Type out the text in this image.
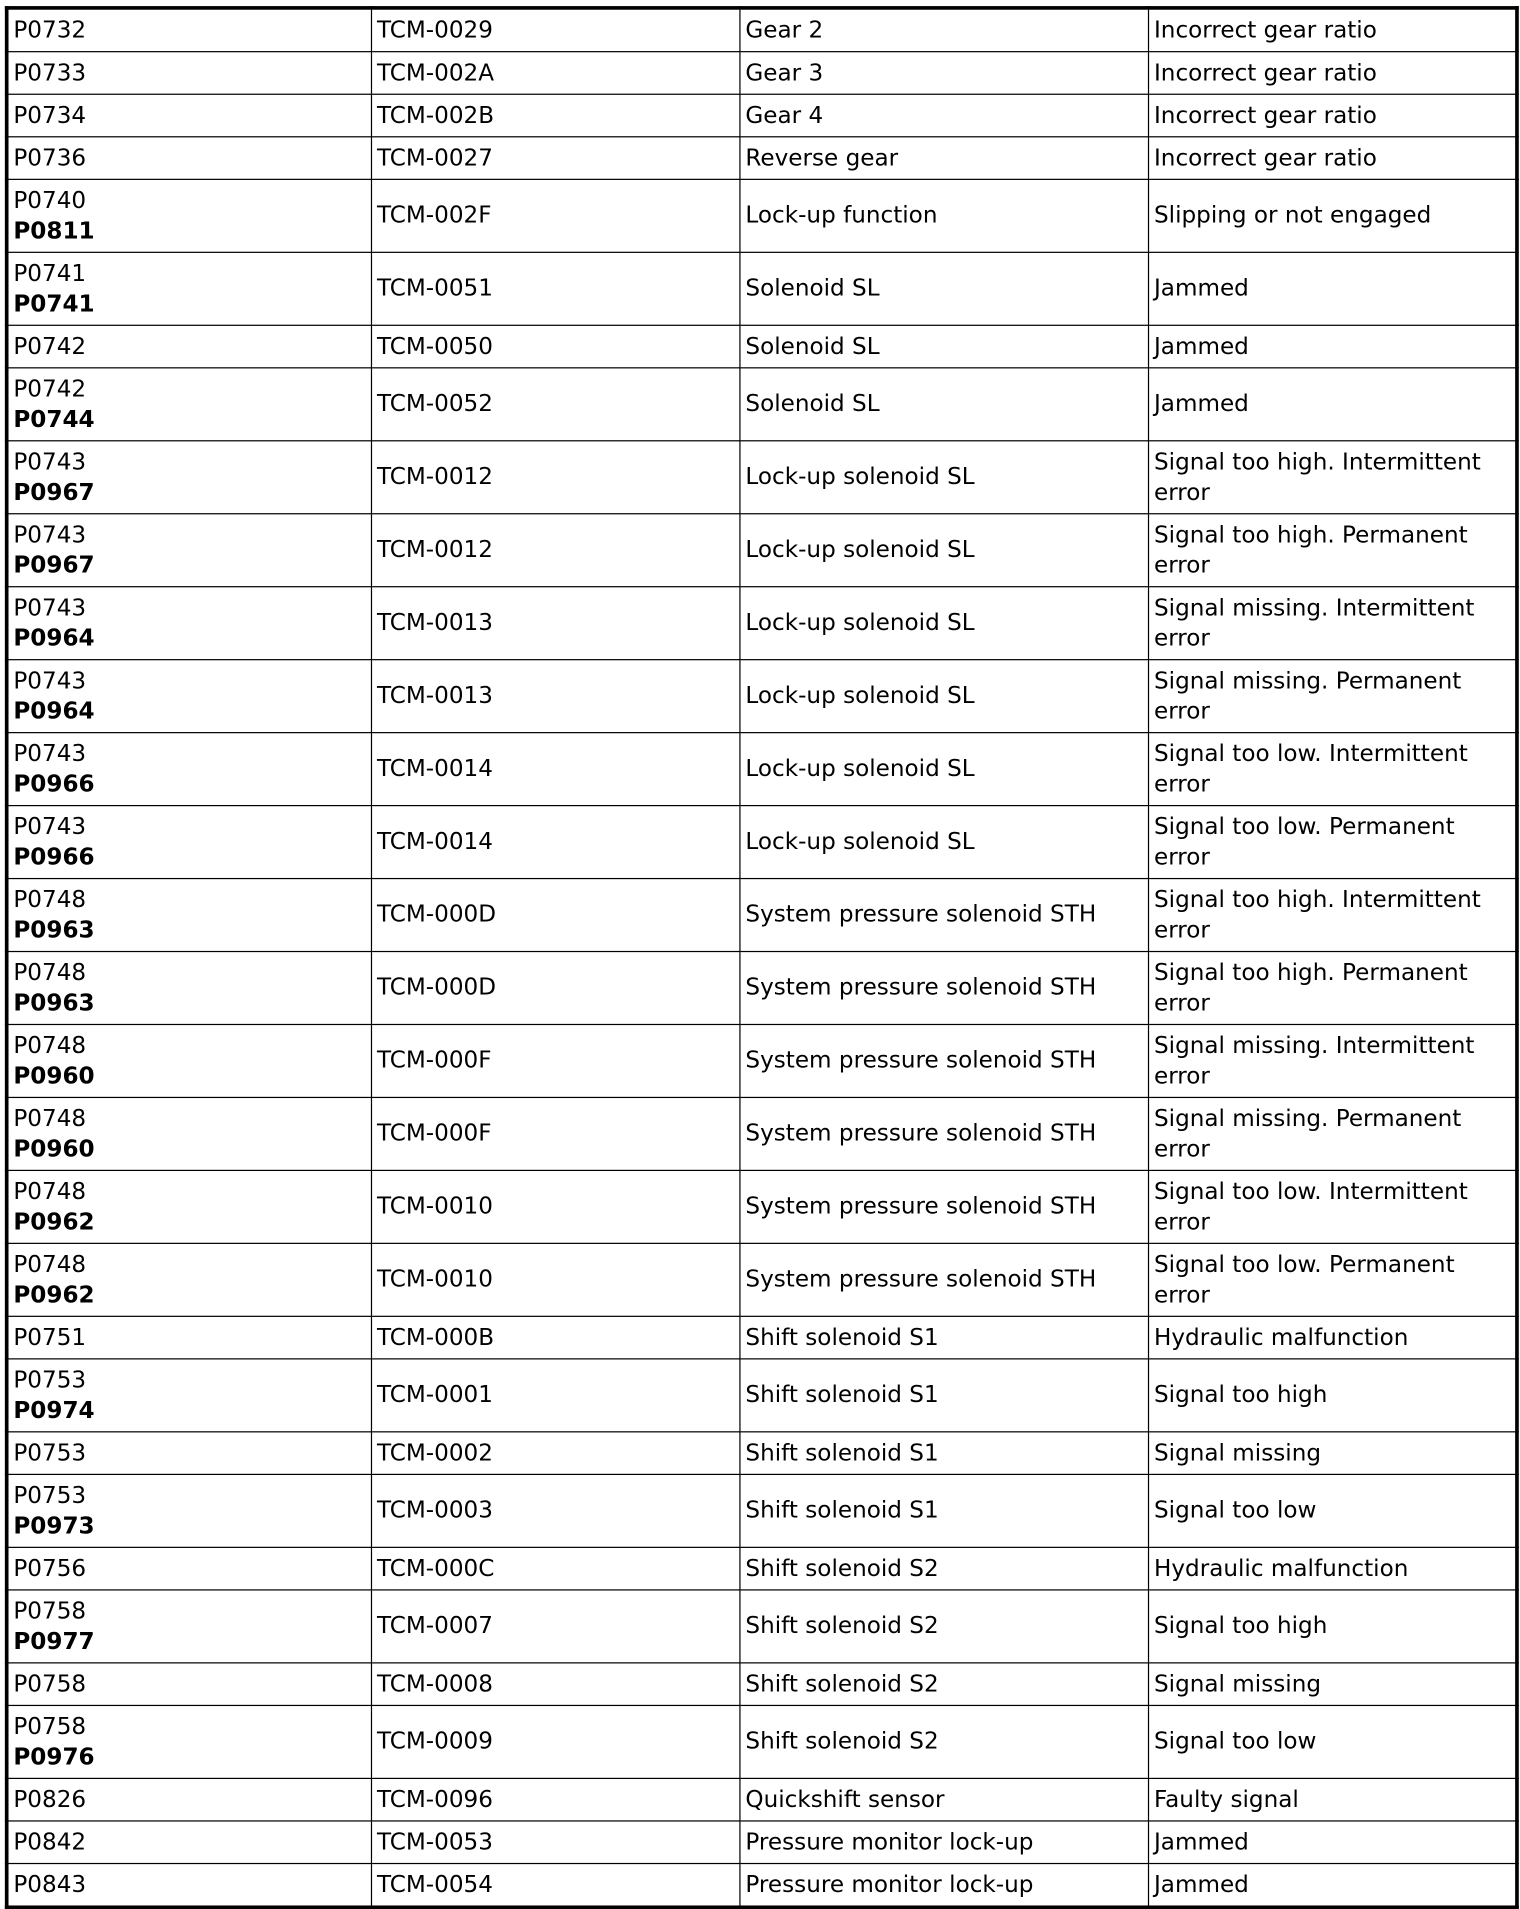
P0732	TCM-0029	Gear 2	Incorrect gear ratio

P0733	TCM-002A	Gear 3	Incorrect gear ratio

P0734	TCM-002B	Gear 4	Incorrect gear ratio

P0736	TCM-0027	Reverse gear	Incorrect gear ratio

P0740
P0811	TCM-002F	Lock-up function	Slipping or not engaged

P0741
P0741	TCM-0051	Solenoid SL	Jammed

P0742	TCM-0050	Solenoid SL	Jammed

P0742
P0744	TCM-0052	Solenoid SL	Jammed

P0743
P0967	TCM-0012	Lock-up solenoid SL	Signal too high. Intermittent error

P0743
P0967	TCM-0012	Lock-up solenoid SL	Signal too high. Permanent error

P0743
P0964	TCM-0013	Lock-up solenoid SL	Signal missing. Intermittent error

P0743
P0964	TCM-0013	Lock-up solenoid SL	Signal missing. Permanent error

P0743
P0966	TCM-0014	Lock-up solenoid SL	Signal too low. Intermittent error

P0743
P0966	TCM-0014	Lock-up solenoid SL	Signal too low. Permanent error

P0748
P0963	TCM-000D	System pressure solenoid STH	Signal too high. Intermittent error

P0748
P0963	TCM-000D	System pressure solenoid STH	Signal too high. Permanent error

P0748
P0960	TCM-000F	System pressure solenoid STH	Signal missing. Intermittent error

P0748
P0960	TCM-000F	System pressure solenoid STH	Signal missing. Permanent error

P0748
P0962	TCM-0010	System pressure solenoid STH	Signal too low. Intermittent error

P0748
P0962	TCM-0010	System pressure solenoid STH	Signal too low. Permanent error

P0751	TCM-000B	Shift solenoid S1	Hydraulic malfunction

P0753
P0974	TCM-0001	Shift solenoid S1	Signal too high

P0753	TCM-0002	Shift solenoid S1	Signal missing

P0753
P0973	TCM-0003	Shift solenoid S1	Signal too low

P0756	TCM-000C	Shift solenoid S2	Hydraulic malfunction

P0758
P0977	TCM-0007	Shift solenoid S2	Signal too high

P0758	TCM-0008	Shift solenoid S2	Signal missing

P0758
P0976	TCM-0009	Shift solenoid S2	Signal too low

P0826	TCM-0096	Quickshift sensor	Faulty signal

P0842	TCM-0053	Pressure monitor lock-up	Jammed

P0843	TCM-0054	Pressure monitor lock-up	Jammed
